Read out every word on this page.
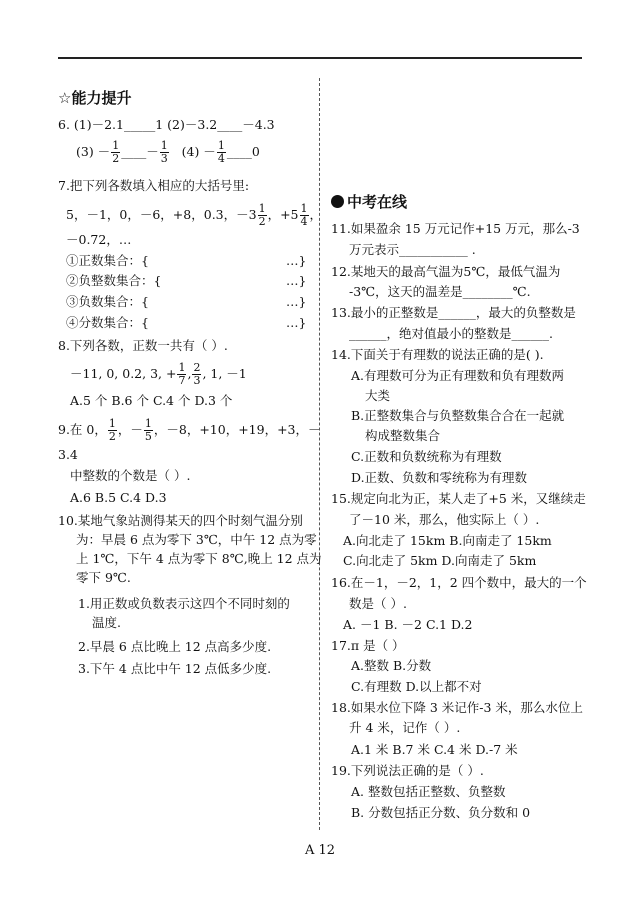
☆能力提升
6. (1)－2.1_____1 (2)－3.2____－4.3
$(3) - \frac{1}{2}$ ____－ $\frac{1}{3} (4) - \frac{1}{4}$ ____0
7.把下列各数填入相应的大括号里:
5，－1，0，－6，+8，0.3，$-3 \frac{1}{2}$ ，$+5 \frac{1}{4}$ ，
－0.72，…
①正数集合：{	…}
②负整数集合：{	…}
③负数集合：{	…}
④分数集合：{	…}
8.下列各数，正数一共有（ ）.
－11, 0, 0.2, 3, + $\frac{1}{7}$ , $\frac{2}{3}$ , 1, －1
A.5 个 B.6 个 C.4 个 D.3 个
9.在 0， $\frac{1}{2}$ ，－ $\frac{1}{5}$ ，－8，+10，+19，+3，－
3.4
中整数的个数是（ ）.
A.6 B.5 C.4 D.3
10.某地气象站测得某天的四个时刻气温分别
为：早晨 6 点为零下 3℃，中午 12 点为零
上 1℃，下午 4 点为零下 8℃,晚上 12 点为
零下 9℃.
1.用正数或负数表示这四个不同时刻的
温度.
2.早晨 6 点比晚上 12 点高多少度.
3.下午 4 点比中午 12 点低多少度.
中考在线
11.如果盈余 15 万元记作+15 万元，那么-3
万元表示___________ .
12.某地天的最高气温为5℃，最低气温为
-3℃，这天的温差是________℃.
13.最小的正整数是______，最大的负整数是
______，绝对值最小的整数是______.
14.下面关于有理数的说法正确的是( ).
A.有理数可分为正有理数和负有理数两
大类
B.正整数集合与负整数集合合在一起就
构成整数集合
C.正数和负数统称为有理数
D.正数、负数和零统称为有理数
15.规定向北为正，某人走了+5 米，又继续走
了－10 米，那么，他实际上（ ）.
A.向北走了 15km B.向南走了 15km
C.向北走了 5km D.向南走了 5km
16.在－1，－2，1，2 四个数中，最大的一个
数是（ ）.
A. －1 B. －2 C.1 D.2
17.π 是（ ）
A.整数 B.分数
C.有理数 D.以上都不对
18.如果水位下降 3 米记作-3 米，那么水位上
升 4 米，记作（ ）.
A.1 米 B.7 米 C.4 米 D.-7 米
19.下列说法正确的是（ ）.
A. 整数包括正整数、负整数
B. 分数包括正分数、负分数和 0
A 12
